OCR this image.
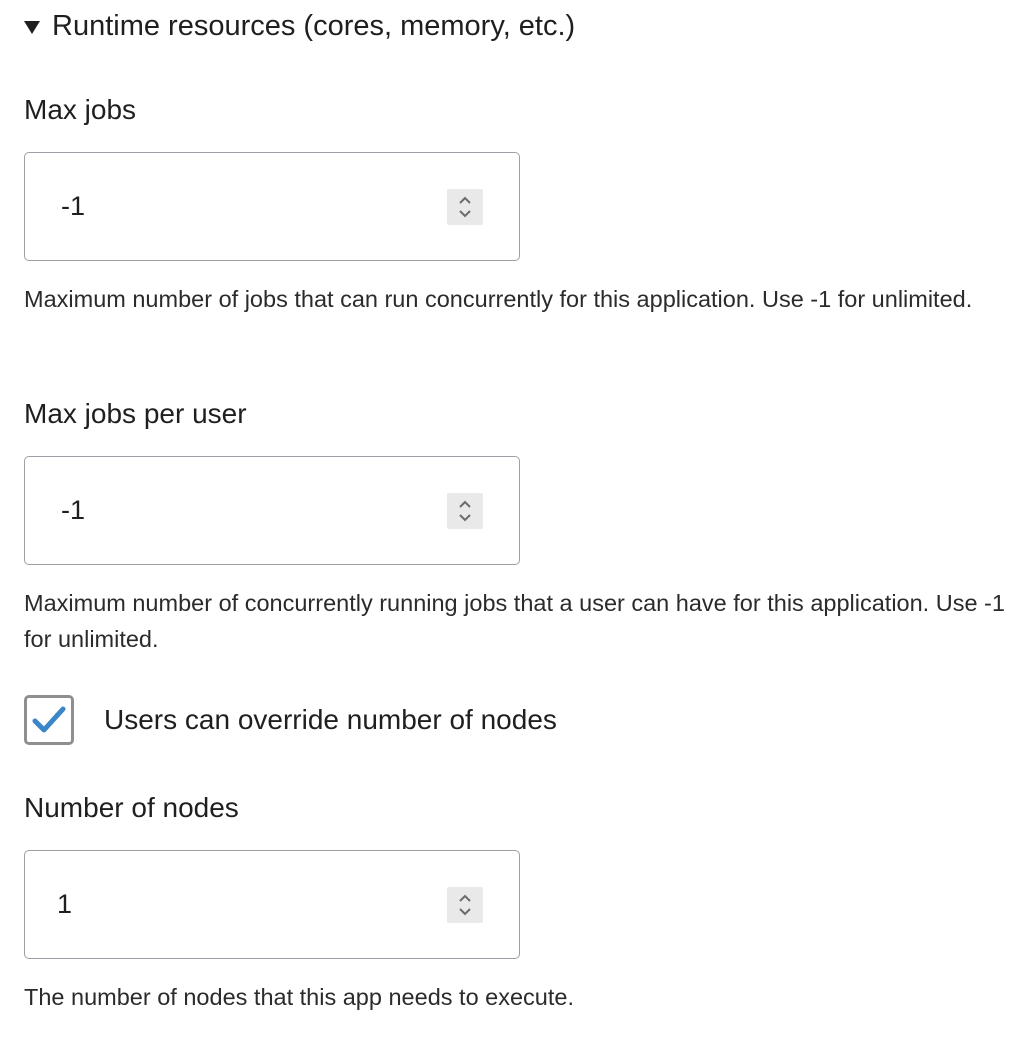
Runtime resources (cores, memory, etc.)
Max jobs
-1
Maximum number of jobs that can run concurrently for this application. Use -1 for unlimited.
Max jobs per user
-1
Maximum number of concurrently running jobs that a user can have for this application. Use -1 for unlimited.
Users can override number of nodes
Number of nodes
1
The number of nodes that this app needs to execute.
